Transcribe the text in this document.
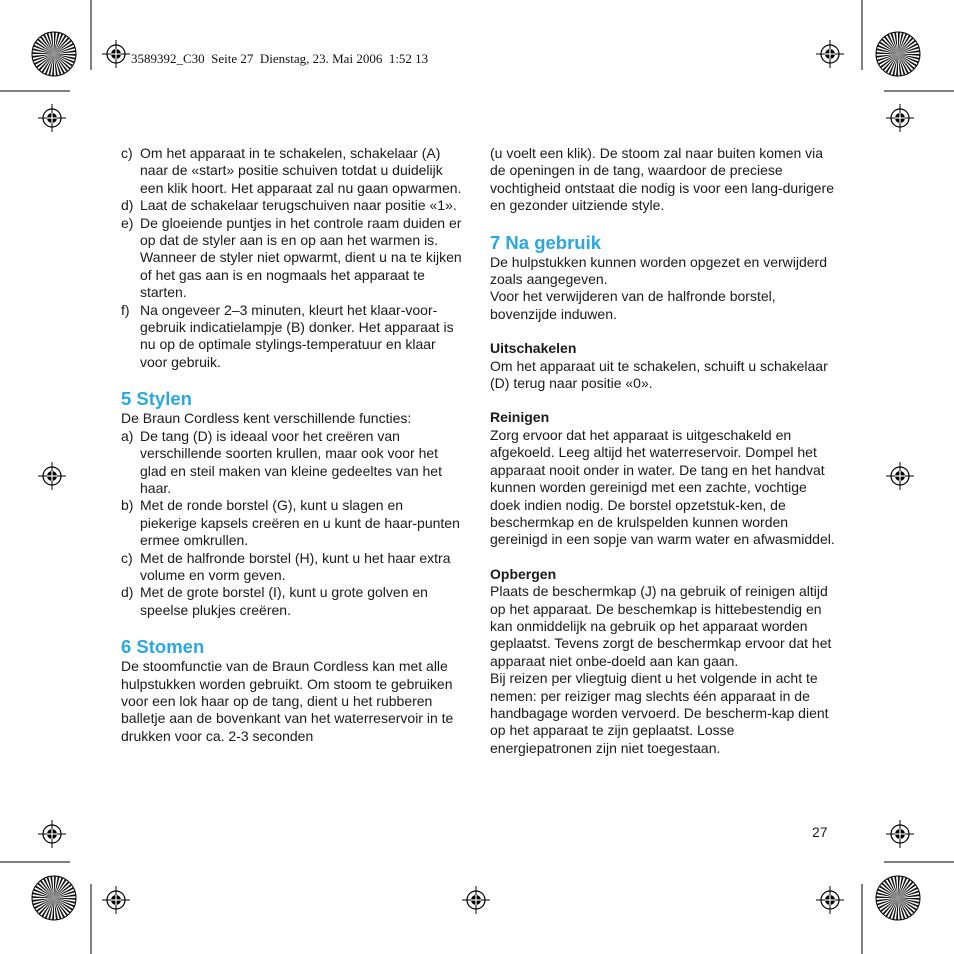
3589392_C30  Seite 27  Dienstag, 23. Mai 2006  1:52 13
c) Om het apparaat in te schakelen, schakelaar (A) naar de «start» positie schuiven totdat u duidelijk een klik hoort. Het apparaat zal nu gaan opwarmen.
d) Laat de schakelaar terugschuiven naar positie «1».
e) De gloeiende puntjes in het controle raam duiden er op dat de styler aan is en op aan het warmen is. Wanneer de styler niet opwarmt, dient u na te kijken of het gas aan is en nogmaals het apparaat te starten.
f) Na ongeveer 2–3 minuten, kleurt het klaar-voor-gebruik indicatielampje (B) donker. Het apparaat is nu op de optimale stylings-temperatuur en klaar voor gebruik.
5 Stylen

De Braun Cordless kent verschillende functies:

a) De tang (D) is ideaal voor het creëren van verschillende soorten krullen, maar ook voor het glad en steil maken van kleine gedeeltes van het haar.
b) Met de ronde borstel (G), kunt u slagen en piekerige kapsels creëren en u kunt de haar-punten ermee omkrullen.
c) Met de halfronde borstel (H), kunt u het haar extra volume en vorm geven.
d) Met de grote borstel (I), kunt u grote golven en speelse plukjes creëren.
6 Stomen

De stoomfunctie van de Braun Cordless kan met alle hulpstukken worden gebruikt. Om stoom te gebruiken voor een lok haar op de tang, dient u het rubberen balletje aan de bovenkant van het waterreservoir in te drukken voor ca. 2-3 seconden

(u voelt een klik). De stoom zal naar buiten komen via de openingen in de tang, waardoor de preciese vochtigheid ontstaat die nodig is voor een lang-durigere en gezonder uitziende style.

7 Na gebruik

De hulpstukken kunnen worden opgezet en verwijderd zoals aangegeven.

Voor het verwijderen van de halfronde borstel, bovenzijde induwen.

Uitschakelen

Om het apparaat uit te schakelen, schuift u schakelaar (D) terug naar positie «0».

Reinigen

Zorg ervoor dat het apparaat is uitgeschakeld en afgekoeld. Leeg altijd het waterreservoir. Dompel het apparaat nooit onder in water. De tang en het handvat kunnen worden gereinigd met een zachte, vochtige doek indien nodig. De borstel opzetstuk-ken, de beschermkap en de krulspelden kunnen worden gereinigd in een sopje van warm water en afwasmiddel.

Opbergen

Plaats de beschermkap (J) na gebruik of reinigen altijd op het apparaat. De beschemkap is hittebestendig en kan onmiddelijk na gebruik op het apparaat worden geplaatst. Tevens zorgt de beschermkap ervoor dat het apparaat niet onbe-doeld aan kan gaan.

Bij reizen per vliegtuig dient u het volgende in acht te nemen: per reiziger mag slechts één apparaat in de handbagage worden vervoerd. De bescherm-kap dient op het apparaat te zijn geplaatst. Losse energiepatronen zijn niet toegestaan.

27
